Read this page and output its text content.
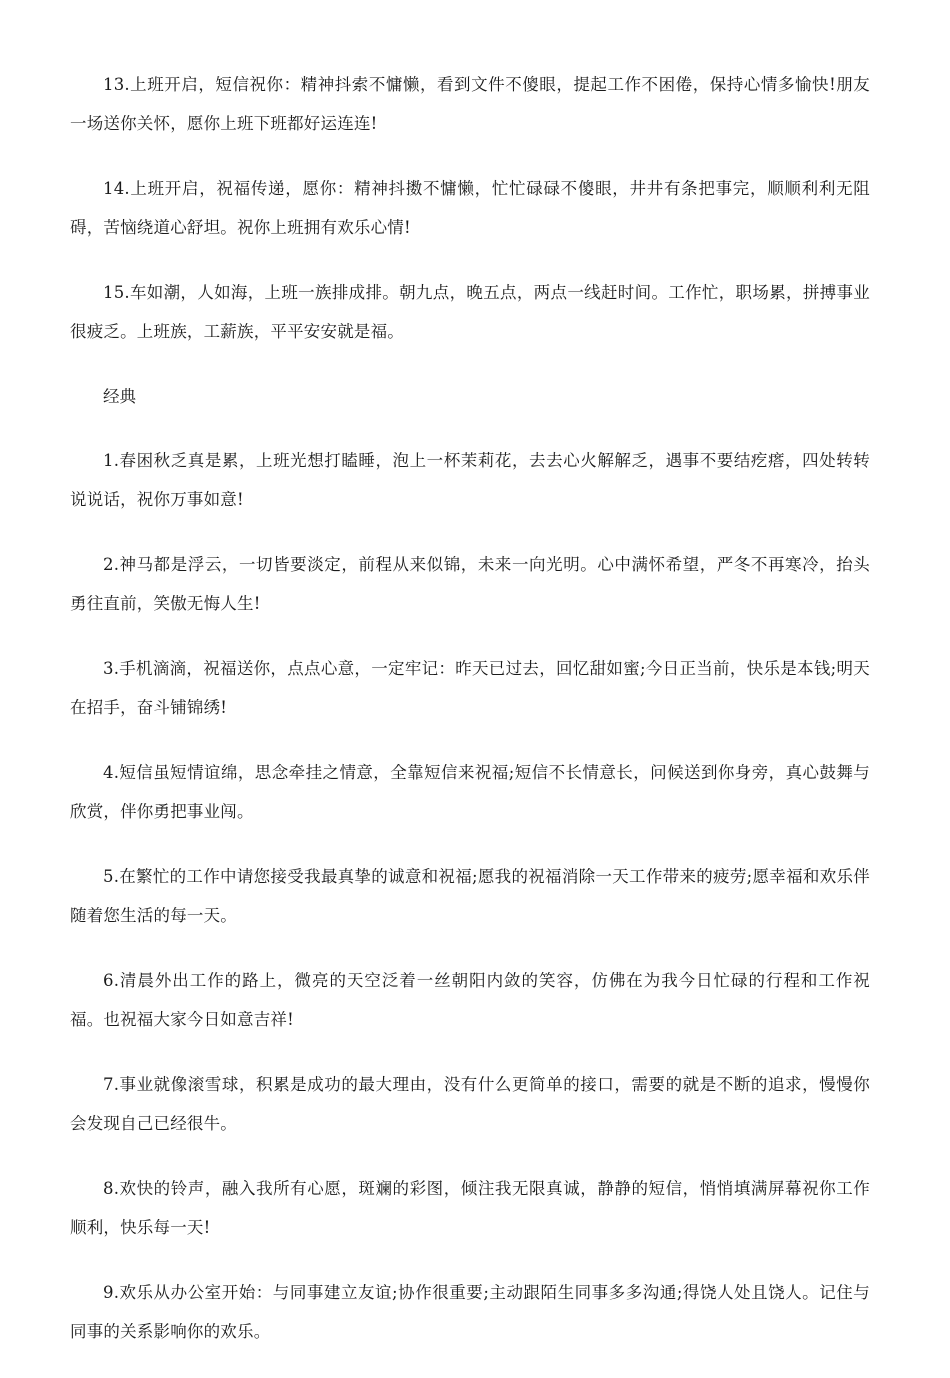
13.上班开启，短信祝你：精神抖索不慵懒，看到文件不傻眼，提起工作不困倦，保持心情多愉快!朋友一场送你关怀，愿你上班下班都好运连连!

14.上班开启，祝福传递，愿你：精神抖擞不慵懒，忙忙碌碌不傻眼，井井有条把事完，顺顺利利无阻碍，苦恼绕道心舒坦。祝你上班拥有欢乐心情!

15.车如潮，人如海，上班一族排成排。朝九点，晚五点，两点一线赶时间。工作忙，职场累，拼搏事业很疲乏。上班族，工薪族，平平安安就是福。

经典

1.春困秋乏真是累，上班光想打瞌睡，泡上一杯茉莉花，去去心火解解乏，遇事不要结疙瘩，四处转转说说话，祝你万事如意!

2.神马都是浮云，一切皆要淡定，前程从来似锦，未来一向光明。心中满怀希望，严冬不再寒冷，抬头勇往直前，笑傲无悔人生!

3.手机滴滴，祝福送你，点点心意，一定牢记：昨天已过去，回忆甜如蜜;今日正当前，快乐是本钱;明天在招手，奋斗铺锦绣!

4.短信虽短情谊绵，思念牵挂之情意，全靠短信来祝福;短信不长情意长，问候送到你身旁，真心鼓舞与欣赏，伴你勇把事业闯。

5.在繁忙的工作中请您接受我最真挚的诚意和祝福;愿我的祝福消除一天工作带来的疲劳;愿幸福和欢乐伴随着您生活的每一天。

6.清晨外出工作的路上，微亮的天空泛着一丝朝阳内敛的笑容，仿佛在为我今日忙碌的行程和工作祝福。也祝福大家今日如意吉祥!

7.事业就像滚雪球，积累是成功的最大理由，没有什么更简单的接口，需要的就是不断的追求，慢慢你会发现自己已经很牛。

8.欢快的铃声，融入我所有心愿，斑斓的彩图，倾注我无限真诚，静静的短信，悄悄填满屏幕祝你工作顺利，快乐每一天!

9.欢乐从办公室开始：与同事建立友谊;协作很重要;主动跟陌生同事多多沟通;得饶人处且饶人。记住与同事的关系影响你的欢乐。
